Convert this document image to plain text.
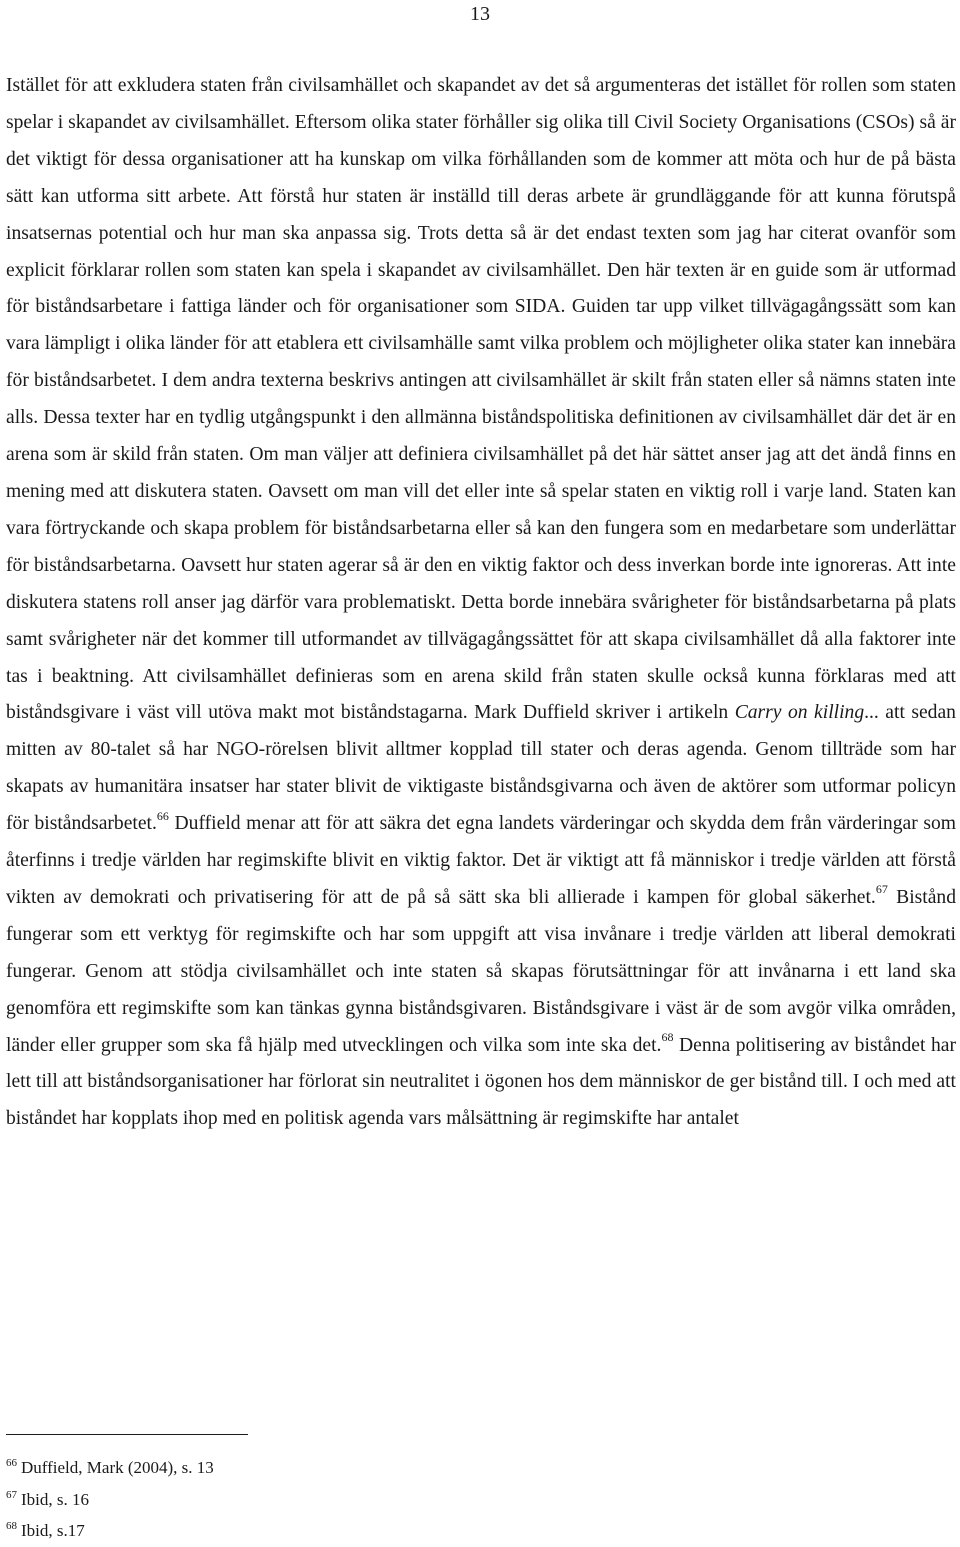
13

Istället för att exkludera staten från civilsamhället och skapandet av det så argumenteras det istället för rollen som staten spelar i skapandet av civilsamhället. Eftersom olika stater förhåller sig olika till Civil Society Organisations (CSOs) så är det viktigt för dessa organisationer att ha kunskap om vilka förhållanden som de kommer att möta och hur de på bästa sätt kan utforma sitt arbete. Att förstå hur staten är inställd till deras arbete är grundläggande för att kunna förutspå insatsernas potential och hur man ska anpassa sig. Trots detta så är det endast texten som jag har citerat ovanför som explicit förklarar rollen som staten kan spela i skapandet av civilsamhället. Den här texten är en guide som är utformad för biståndsarbetare i fattiga länder och för organisationer som SIDA. Guiden tar upp vilket tillvägagångssätt som kan vara lämpligt i olika länder för att etablera ett civilsamhälle samt vilka problem och möjligheter olika stater kan innebära för biståndsarbetet. I dem andra texterna beskrivs antingen att civilsamhället är skilt från staten eller så nämns staten inte alls. Dessa texter har en tydlig utgångspunkt i den allmänna biståndspolitiska definitionen av civilsamhället där det är en arena som är skild från staten. Om man väljer att definiera civilsamhället på det här sättet anser jag att det ändå finns en mening med att diskutera staten. Oavsett om man vill det eller inte så spelar staten en viktig roll i varje land. Staten kan vara förtryckande och skapa problem för biståndsarbetarna eller så kan den fungera som en medarbetare som underlättar för biståndsarbetarna. Oavsett hur staten agerar så är den en viktig faktor och dess inverkan borde inte ignoreras. Att inte diskutera statens roll anser jag därför vara problematiskt. Detta borde innebära svårigheter för biståndsarbetarna på plats samt svårigheter när det kommer till utformandet av tillvägagångssättet för att skapa civilsamhället då alla faktorer inte tas i beaktning. Att civilsamhället definieras som en arena skild från staten skulle också kunna förklaras med att biståndsgivare i väst vill utöva makt mot biståndstagarna. Mark Duffield skriver i artikeln Carry on killing... att sedan mitten av 80-talet så har NGO-rörelsen blivit alltmer kopplad till stater och deras agenda. Genom tillträde som har skapats av humanitära insatser har stater blivit de viktigaste biståndsgivarna och även de aktörer som utformar policyn för biståndsarbetet.$^{66}$ Duffield menar att för att säkra det egna landets värderingar och skydda dem från värderingar som återfinns i tredje världen har regimskifte blivit en viktig faktor. Det är viktigt att få människor i tredje världen att förstå vikten av demokrati och privatisering för att de på så sätt ska bli allierade i kampen för global säkerhet.$^{67}$ Bistånd fungerar som ett verktyg för regimskifte och har som uppgift att visa invånare i tredje världen att liberal demokrati fungerar. Genom att stödja civilsamhället och inte staten så skapas förutsättningar för att invånarna i ett land ska genomföra ett regimskifte som kan tänkas gynna biståndsgivaren. Biståndsgivare i väst är de som avgör vilka områden, länder eller grupper som ska få hjälp med utvecklingen och vilka som inte ska det.$^{68}$ Denna politisering av biståndet har lett till att biståndsorganisationer har förlorat sin neutralitet i ögonen hos dem människor de ger bistånd till. I och med att biståndet har kopplats ihop med en politisk agenda vars målsättning är regimskifte har antalet

$^{66}$ Duffield, Mark (2004), s. 13
$^{67}$ Ibid, s. 16
$^{68}$ Ibid, s.17
